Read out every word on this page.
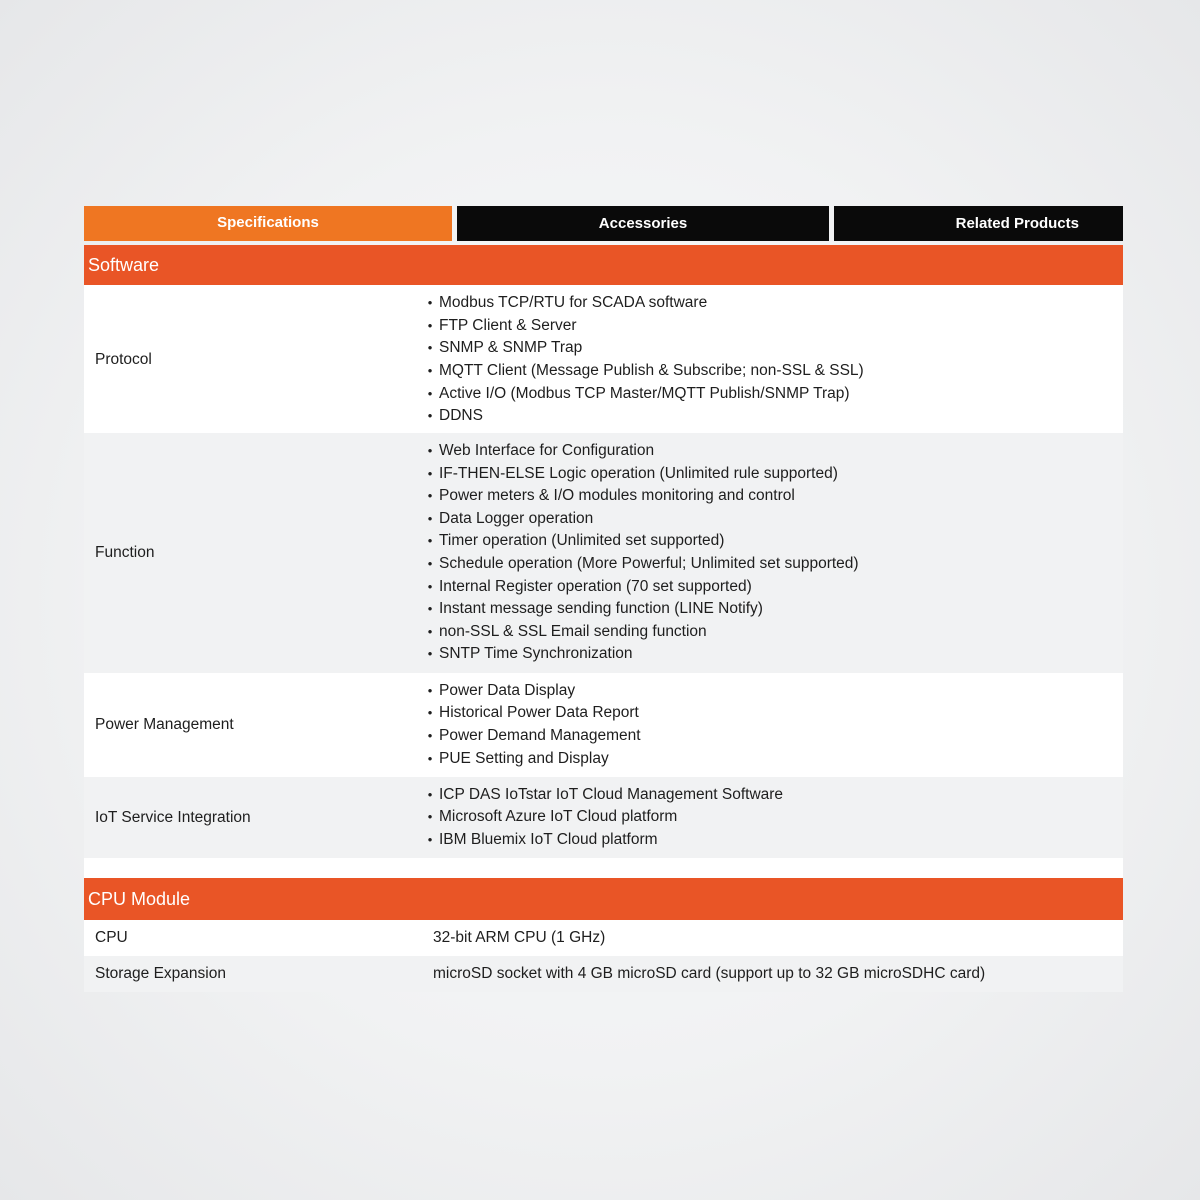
Specifications	Accessories	Related Products
Software
Protocol
• Modbus TCP/RTU for SCADA software
• FTP Client & Server
• SNMP & SNMP Trap
• MQTT Client (Message Publish & Subscribe; non-SSL & SSL)
• Active I/O (Modbus TCP Master/MQTT Publish/SNMP Trap)
• DDNS
Function
• Web Interface for Configuration
• IF-THEN-ELSE Logic operation (Unlimited rule supported)
• Power meters & I/O modules monitoring and control
• Data Logger operation
• Timer operation (Unlimited set supported)
• Schedule operation (More Powerful; Unlimited set supported)
• Internal Register operation (70 set supported)
• Instant message sending function (LINE Notify)
• non-SSL & SSL Email sending function
• SNTP Time Synchronization
Power Management
• Power Data Display
• Historical Power Data Report
• Power Demand Management
• PUE Setting and Display
IoT Service Integration
• ICP DAS IoTstar IoT Cloud Management Software
• Microsoft Azure IoT Cloud platform
• IBM Bluemix IoT Cloud platform
CPU Module
CPU	32-bit ARM CPU (1 GHz)
Storage Expansion	microSD socket with 4 GB microSD card (support up to 32 GB microSDHC card)
